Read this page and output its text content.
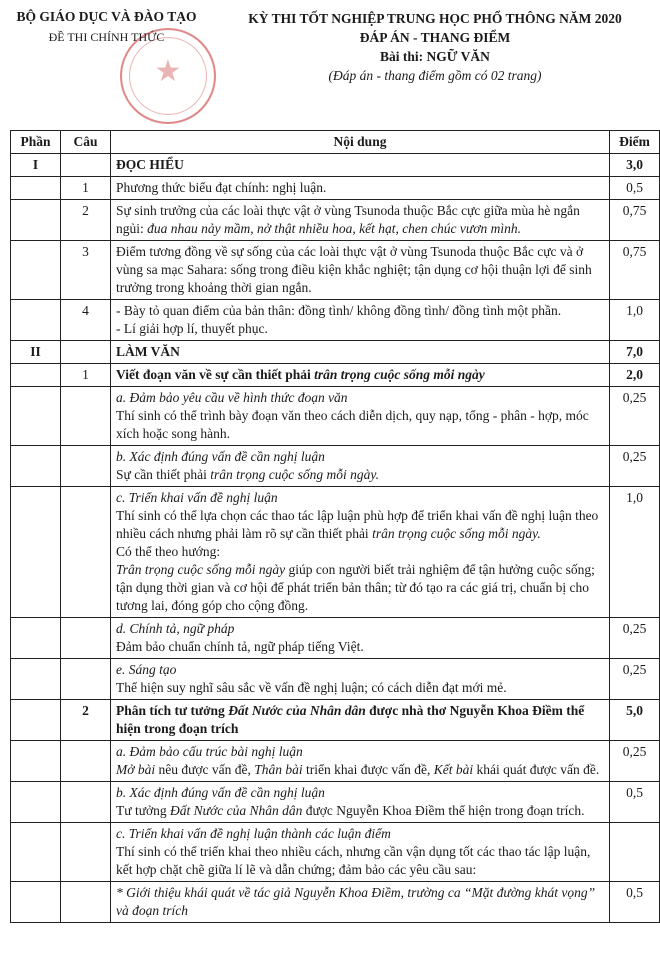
★
BỘ GIÁO DỤC VÀ ĐÀO TẠO
ĐỀ THI CHÍNH THỨC
KỲ THI TỐT NGHIỆP TRUNG HỌC PHỔ THÔNG NĂM 2020
ĐÁP ÁN - THANG ĐIỂM
Bài thi: NGỮ VĂN
(Đáp án - thang điểm gồm có 02 trang)
Phần	Câu	Nội dung	Điểm
I		ĐỌC HIỂU	3,0
	1	Phương thức biểu đạt chính: nghị luận.	0,5
	2	Sự sinh trưởng của các loài thực vật ở vùng Tsunoda thuộc Bắc cực giữa mùa hè ngắn ngủi: đua nhau nảy mầm, nở thật nhiều hoa, kết hạt, chen chúc vươn mình.	0,75
	3	Điểm tương đồng về sự sống của các loài thực vật ở vùng Tsunoda thuộc Bắc cực và ở vùng sa mạc Sahara: sống trong điều kiện khắc nghiệt; tận dụng cơ hội thuận lợi để sinh trưởng trong khoảng thời gian ngắn.	0,75
	4	- Bày tỏ quan điểm của bản thân: đồng tình/ không đồng tình/ đồng tình một phần.
- Lí giải hợp lí, thuyết phục.	1,0
II		LÀM VĂN	7,0
	1	Viết đoạn văn về sự cần thiết phải trân trọng cuộc sống mỗi ngày	2,0

		a. Đảm bảo yêu cầu về hình thức đoạn văn
Thí sinh có thể trình bày đoạn văn theo cách diễn dịch, quy nạp, tổng - phân - hợp, móc xích hoặc song hành.	0,25

		b. Xác định đúng vấn đề cần nghị luận
Sự cần thiết phải trân trọng cuộc sống mỗi ngày.	0,25

		c. Triển khai vấn đề nghị luận
Thí sinh có thể lựa chọn các thao tác lập luận phù hợp để triển khai vấn đề nghị luận theo nhiều cách nhưng phải làm rõ sự cần thiết phải trân trọng cuộc sống mỗi ngày.
Có thể theo hướng:
Trân trọng cuộc sống mỗi ngày giúp con người biết trải nghiệm để tận hưởng cuộc sống; tận dụng thời gian và cơ hội để phát triển bản thân; từ đó tạo ra các giá trị, chuẩn bị cho tương lai, đóng góp cho cộng đồng.	1,0

		d. Chính tả, ngữ pháp
Đảm bảo chuẩn chính tả, ngữ pháp tiếng Việt.	0,25

		e. Sáng tạo
Thể hiện suy nghĩ sâu sắc về vấn đề nghị luận; có cách diễn đạt mới mẻ.	0,25
	2	Phân tích tư tưởng Đất Nước của Nhân dân được nhà thơ Nguyễn Khoa Điềm thể hiện trong đoạn trích	5,0

		a. Đảm bảo cấu trúc bài nghị luận
Mở bài nêu được vấn đề, Thân bài triển khai được vấn đề, Kết bài khái quát được vấn đề.	0,25

		b. Xác định đúng vấn đề cần nghị luận
Tư tưởng Đất Nước của Nhân dân được Nguyễn Khoa Điềm thể hiện trong đoạn trích.	0,5

		c. Triển khai vấn đề nghị luận thành các luận điểm
Thí sinh có thể triển khai theo nhiều cách, nhưng cần vận dụng tốt các thao tác lập luận, kết hợp chặt chẽ giữa lí lẽ và dẫn chứng; đảm bảo các yêu cầu sau:	

		* Giới thiệu khái quát về tác giả Nguyễn Khoa Điềm, trường ca “Mặt đường khát vọng” và đoạn trích	0,5
